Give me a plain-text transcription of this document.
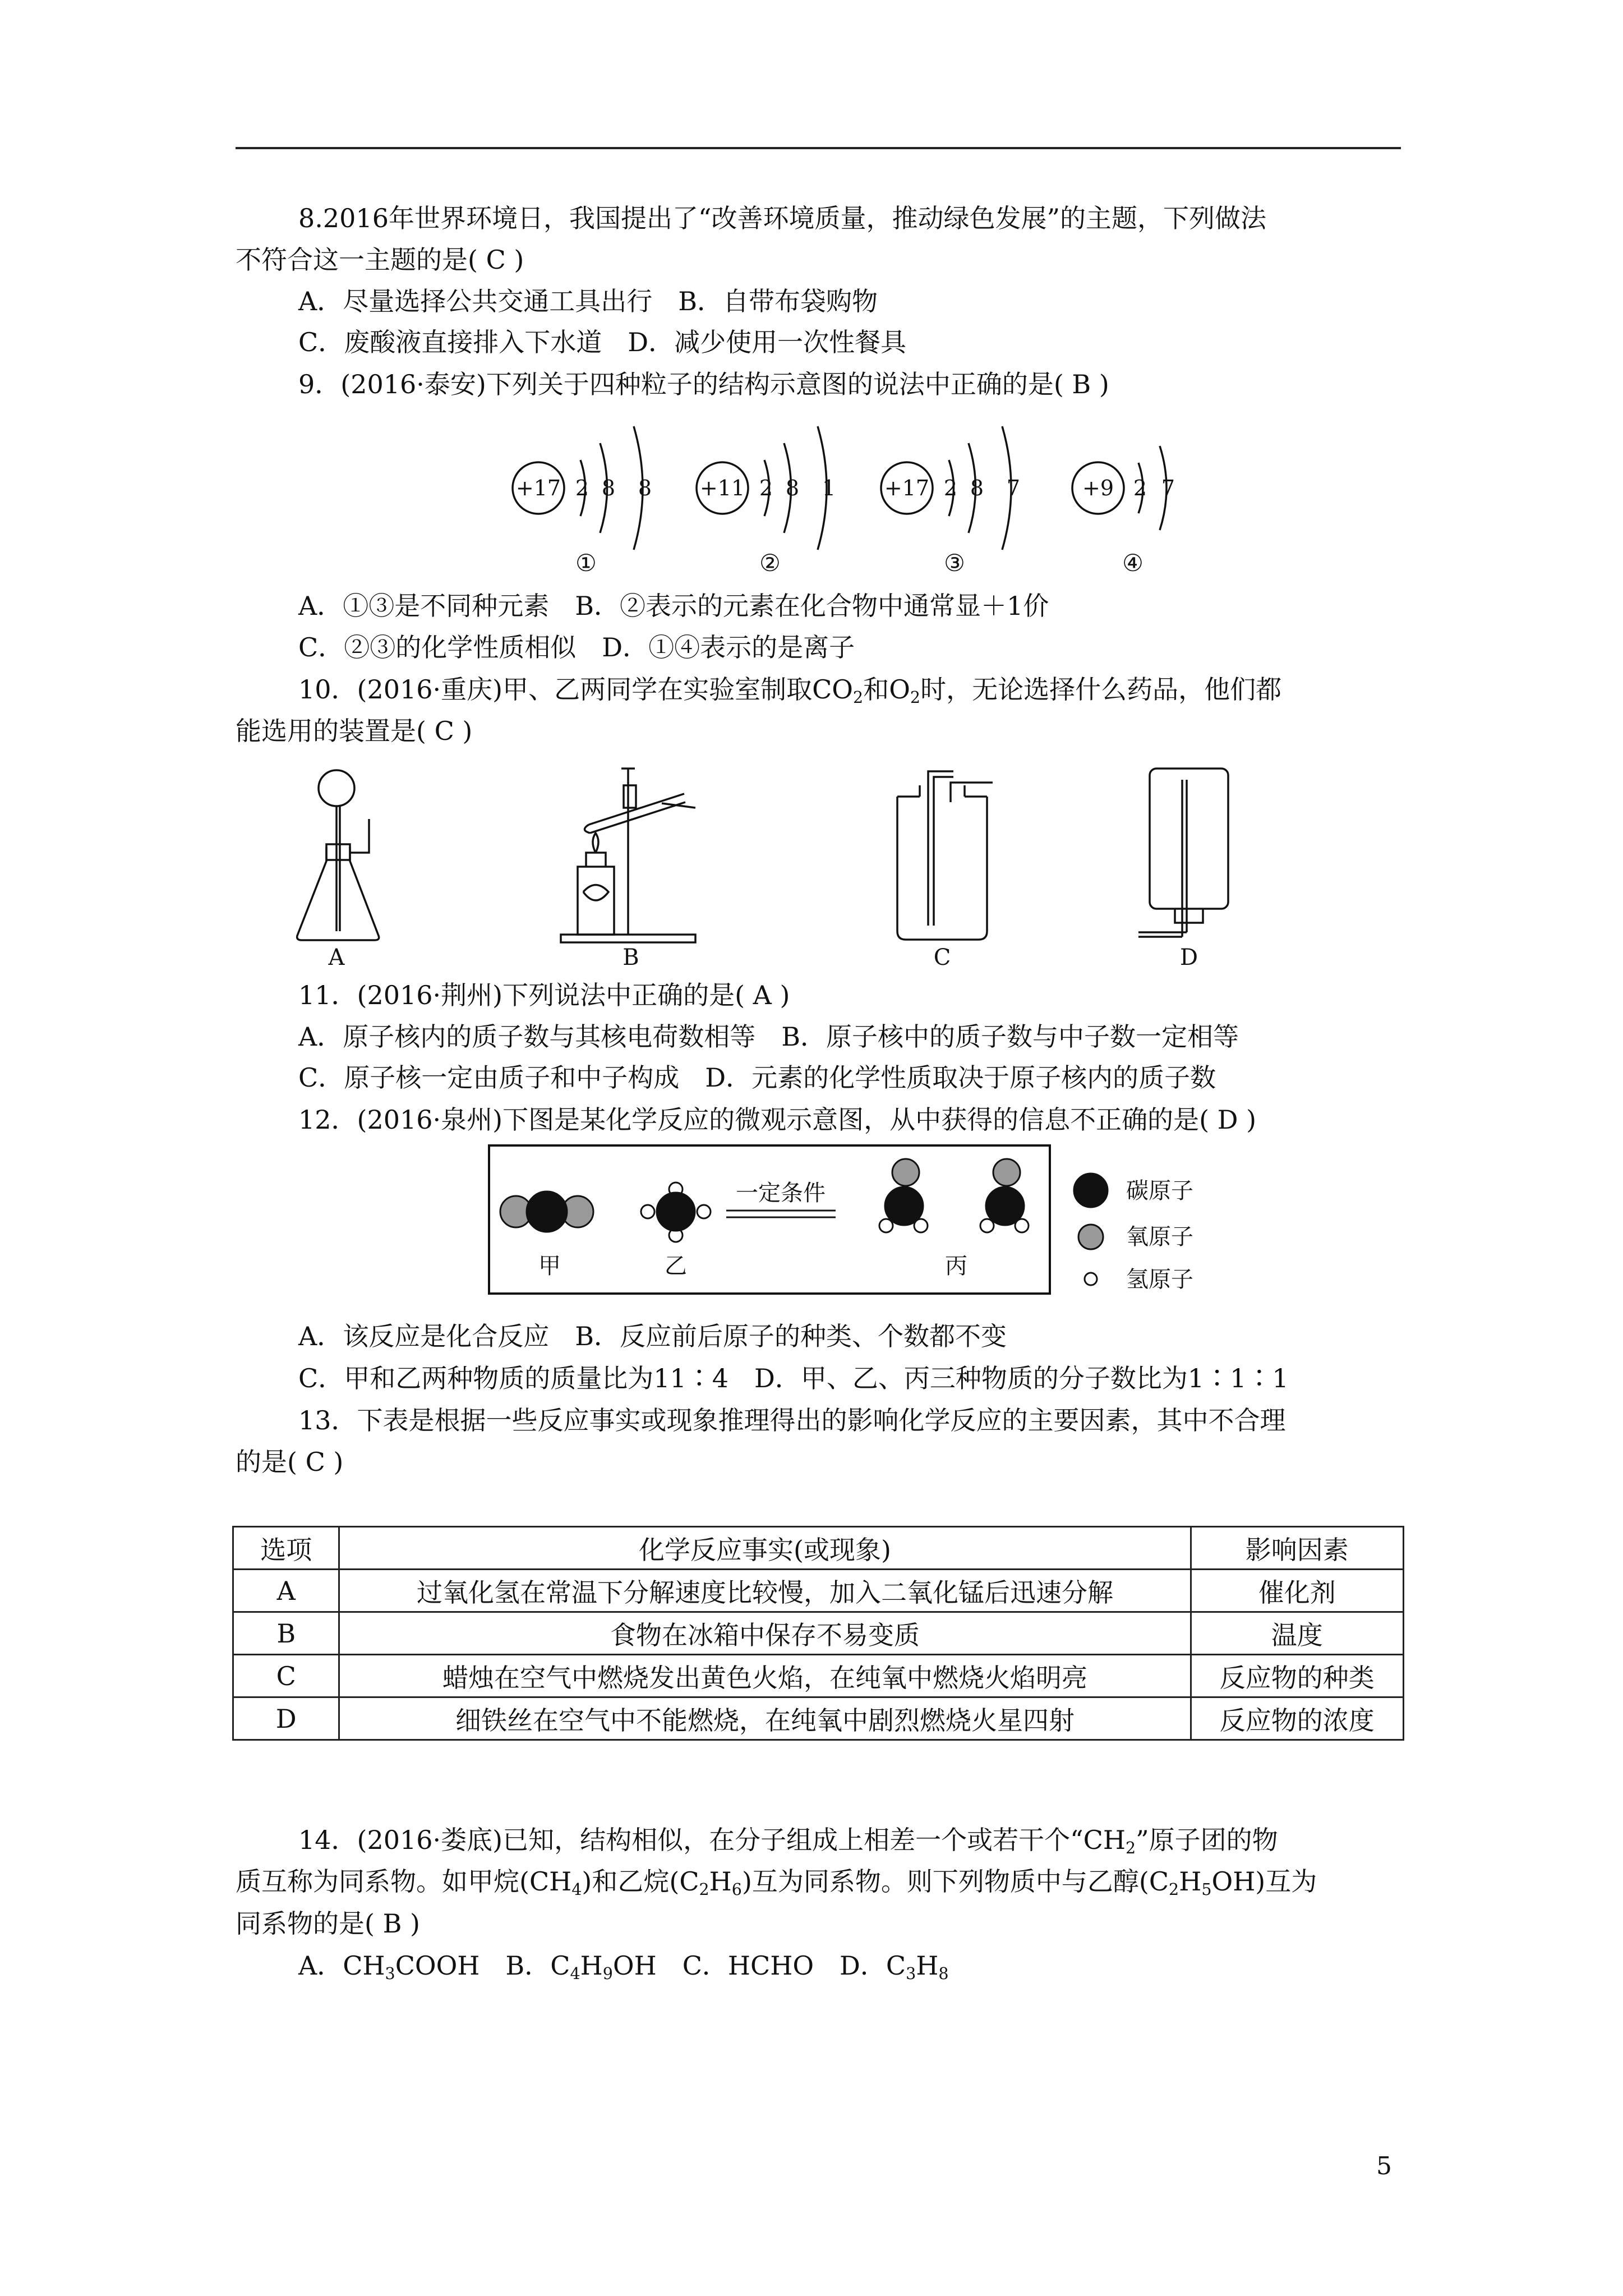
8.2016年世界环境日，我国提出了“改善环境质量，推动绿色发展”的主题，下列做法
不符合这一主题的是( C )
A．尽量选择公共交通工具出行　B．自带布袋购物
C．废酸液直接排入下水道　D．减少使用一次性餐具
9．(2016·泰安)下列关于四种粒子的结构示意图的说法中正确的是( B )
+17 2 8 8 +11 2 8 1 +17 2 8 7	+9 2 7
①	②	③	④
A．①③是不同种元素　B．②表示的元素在化合物中通常显＋1价
C．②③的化学性质相似　D．①④表示的是离子
10．(2016·重庆)甲、乙两同学在实验室制取$CO_2$和$O_2$时，无论选择什么药品，他们都
能选用的装置是( C )
A	B	C	D
11．(2016·荆州)下列说法中正确的是( A )
A．原子核内的质子数与其核电荷数相等　B．原子核中的质子数与中子数一定相等
C．原子核一定由质子和中子构成　D．元素的化学性质取决于原子核内的质子数
12．(2016·泉州)下图是某化学反应的微观示意图，从中获得的信息不正确的是( D )
一定条件
甲	乙	丙
碳原子
氧原子
氢原子
A．该反应是化合反应　B．反应前后原子的种类、个数都不变
C．甲和乙两种物质的质量比为11∶4　D．甲、乙、丙三种物质的分子数比为1∶1∶1
13．下表是根据一些反应事实或现象推理得出的影响化学反应的主要因素，其中不合理
的是( C )
选项	化学反应事实(或现象)	影响因素
A	过氧化氢在常温下分解速度比较慢，加入二氧化锰后迅速分解	催化剂
B	食物在冰箱中保存不易变质	温度
C	蜡烛在空气中燃烧发出黄色火焰，在纯氧中燃烧火焰明亮	反应物的种类
D	细铁丝在空气中不能燃烧，在纯氧中剧烈燃烧火星四射	反应物的浓度
14．(2016·娄底)已知，结构相似，在分子组成上相差一个或若干个“$CH_2$”原子团的物
质互称为同系物。如甲烷$(CH_4)$和乙烷$(C_2H_6)$互为同系物。则下列物质中与乙醇$(C_2H_5OH)$互为
同系物的是( B )
A．$CH_3COOH$　B．$C_4H_9OH$　C．HCHO　D．$C_3H_8$
5
